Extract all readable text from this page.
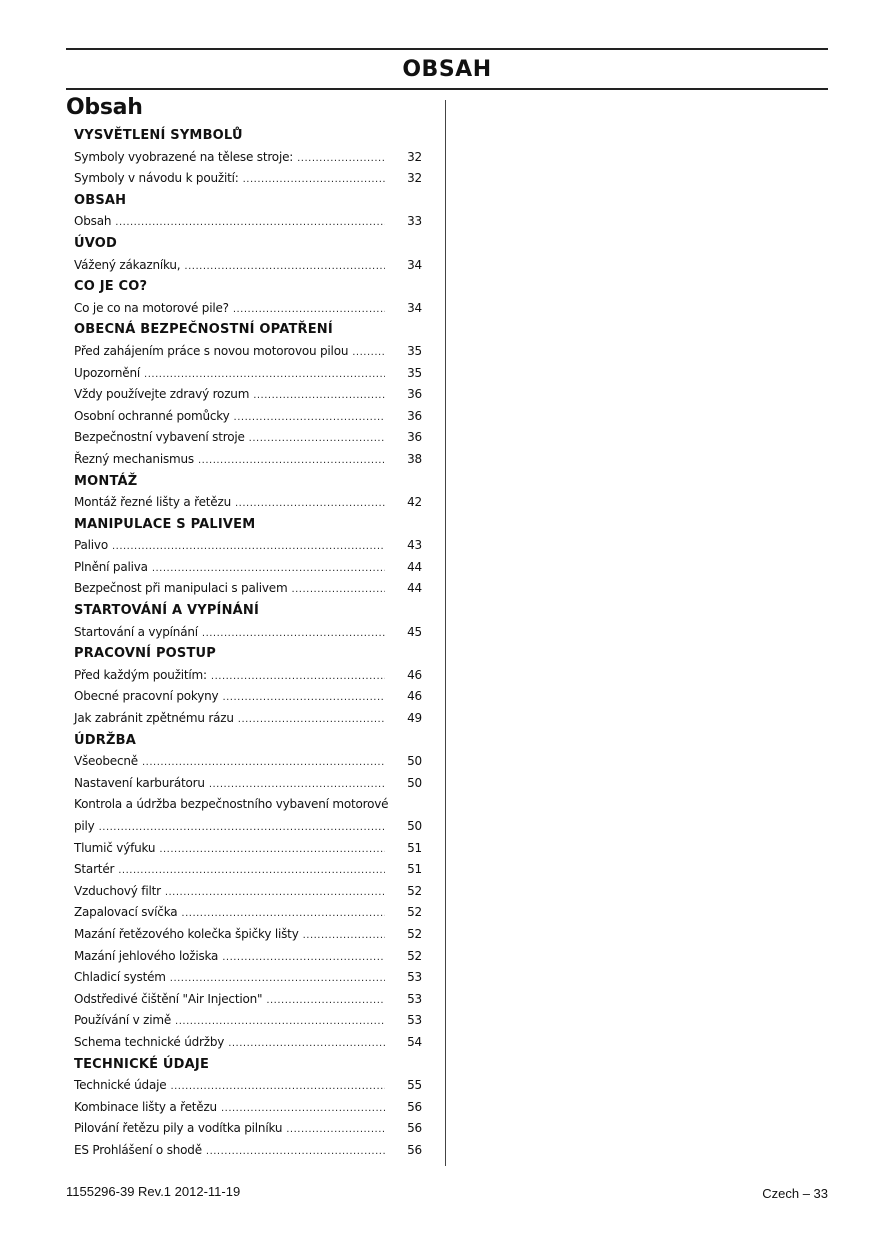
OBSAH
Obsah
VYSVĚTLENÍ SYMBOLŮ
Symboly vyobrazené na tělese stroje: .....	32
Symboly v návodu k použití: .....	32
OBSAH
Obsah .....	33
ÚVOD
Vážený zákazníku, .....	34
CO JE CO?
Co je co na motorové pile? .....	34
OBECNÁ BEZPEČNOSTNÍ OPATŘENÍ
Před zahájením práce s novou motorovou pilou .....	35
Upozornění .....	35
Vždy používejte zdravý rozum .....	36
Osobní ochranné pomůcky .....	36
Bezpečnostní vybavení stroje .....	36
Řezný mechanismus .....	38
MONTÁŽ
Montáž řezné lišty a řetězu .....	42
MANIPULACE S PALIVEM
Palivo .....	43
Plnění paliva .....	44
Bezpečnost při manipulaci s palivem .....	44
STARTOVÁNÍ A VYPÍNÁNÍ
Startování a vypínání .....	45
PRACOVNÍ POSTUP
Před každým použitím: .....	46
Obecné pracovní pokyny .....	46
Jak zabránit zpětnému rázu .....	49
ÚDRŽBA
Všeobecně .....	50
Nastavení karburátoru .....	50
Kontrola a údržba bezpečnostního vybavení motorové
pily .....	50
Tlumič výfuku .....	51
Startér .....	51
Vzduchový filtr .....	52
Zapalovací svíčka .....	52
Mazání řetězového kolečka špičky lišty .....	52
Mazání jehlového ložiska .....	52
Chladicí systém .....	53
Odstředivé čištění "Air Injection" .....	53
Používání v zimě .....	53
Schema technické údržby .....	54
TECHNICKÉ ÚDAJE
Technické údaje .....	55
Kombinace lišty a řetězu .....	56
Pilování řetězu pily a vodítka pilníku .....	56
ES Prohlášení o shodě .....	56
1155296-39 Rev.1 2012-11-19	Czech – 33
